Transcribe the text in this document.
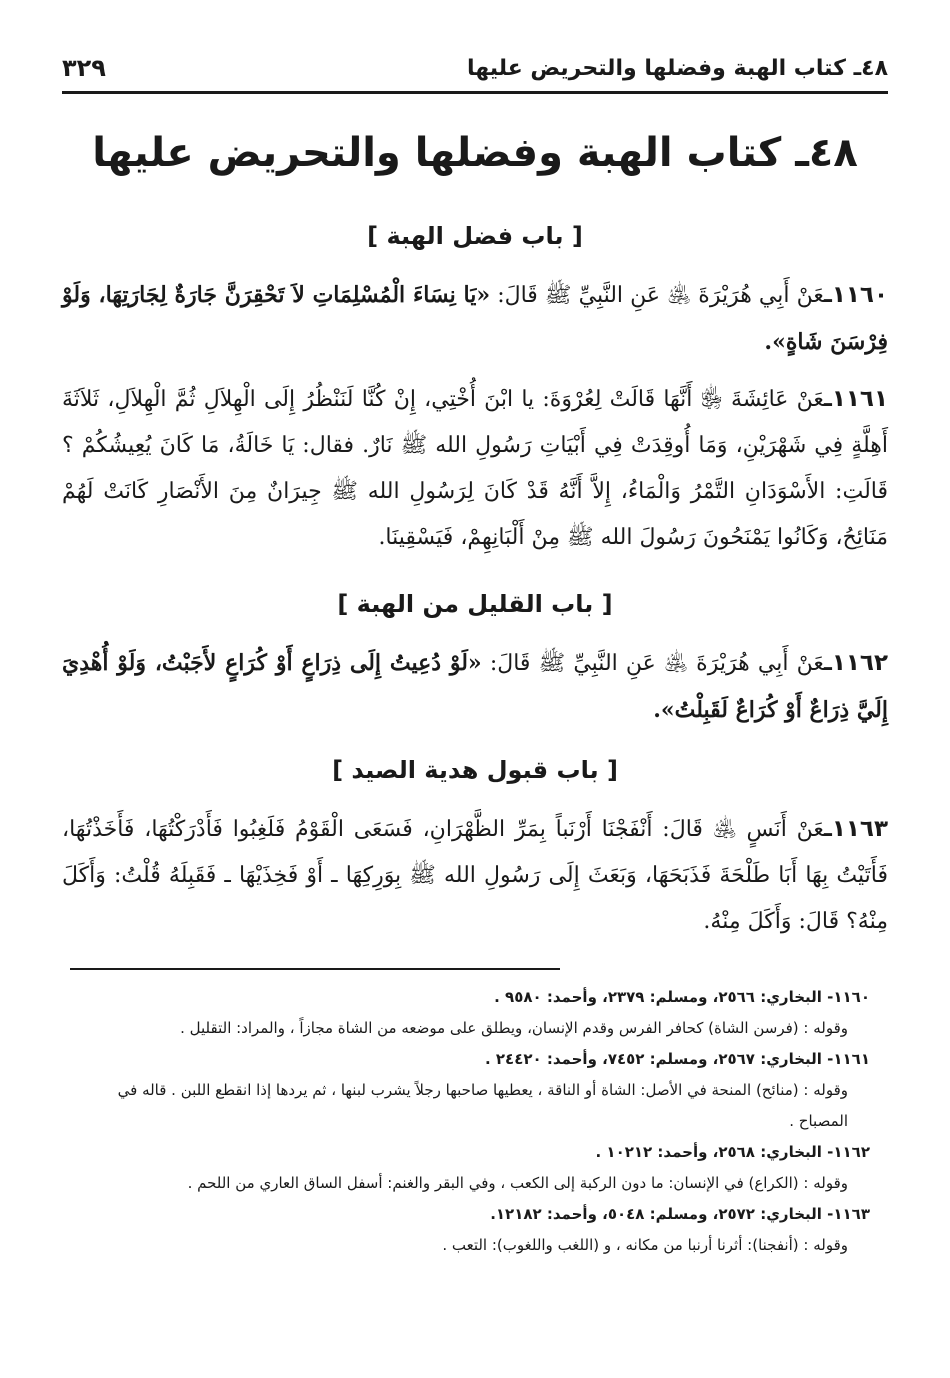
٤٨ـ كتاب الهبة وفضلها والتحريض عليها
٣٢٩
٤٨ـ كتاب الهبة وفضلها والتحريض عليها
[ باب فضل الهبة ]
١١٦٠ـعَنْ أَبِي هُرَيْرَةَ ﵁ عَنِ النَّبِيِّ ﷺ قَالَ: «يَا نِسَاءَ الْمُسْلِمَاتِ لاَ تَحْقِرَنَّ جَارَةٌ لِجَارَتِهَا، وَلَوْ فِرْسَنَ شَاةٍ».
١١٦١ـعَنْ عَائِشَةَ ﵂ أَنَّهَا قَالَتْ لِعُرْوَةَ: يا ابْنَ أُخْتِي، إِنْ كُنَّا لَنَنْظُرُ إِلَى الْهِلاَلِ ثُمَّ الْهِلاَلِ، ثَلاَثَةَ أَهِلَّةٍ فِي شَهْرَيْنِ، وَمَا أُوقِدَتْ فِي أَبْيَاتِ رَسُولِ الله ﷺ نَارٌ. فقال: يَا خَالَةُ، مَا كَانَ يُعِيشُكُمْ ؟ قَالَتِ: الأَسْوَدَانِ التَّمْرُ وَالْمَاءُ، إِلاَّ أَنَّهُ قَدْ كَانَ لِرَسُولِ الله ﷺ جِيرَانٌ مِنَ الأَنْصَارِ كَانَتْ لَهُمْ مَنَائِحُ، وَكَانُوا يَمْنَحُونَ رَسُولَ الله ﷺ مِنْ أَلْبَانِهِمْ، فَيَسْقِينَا.
[ باب القليل من الهبة ]
١١٦٢ـعَنْ أَبِي هُرَيْرَةَ ﵁ عَنِ النَّبِيِّ ﷺ قَالَ: «لَوْ دُعِيتُ إِلَى ذِرَاعٍ أَوْ كُرَاعٍ لأَجَبْتُ، وَلَوْ أُهْدِيَ إِلَيَّ ذِرَاعٌ أَوْ كُرَاعٌ لَقَبِلْتُ».
[ باب قبول هدية الصيد ]
١١٦٣ـعَنْ أَنَسٍ ﵁ قَالَ: أَنْفَجْنَا أَرْنَباً بِمَرِّ الظَّهْرَانِ، فَسَعَى الْقَوْمُ فَلَغِبُوا فَأَدْرَكْتُهَا، فَأَخَذْتُهَا، فَأَتَيْتُ بِهَا أَبَا طَلْحَةَ فَذَبَحَهَا، وَبَعَثَ إِلَى رَسُولِ الله ﷺ بِوَرِكِهَا ـ أَوْ فَخِذَيْهَا ـ فَقَبِلَهُ قُلْتُ: وَأَكَلَ مِنْهُ؟ قَالَ: وَأَكَلَ مِنْهُ.
١١٦٠- البخاري: ٢٥٦٦، ومسلم: ٢٣٧٩، وأحمد: ٩٥٨٠ .
وقوله : (فرسن الشاة) كحافر الفرس وقدم الإنسان، ويطلق على موضعه من الشاة مجازاً ، والمراد: التقليل .
١١٦١- البخاري: ٢٥٦٧، ومسلم: ٧٤٥٢، وأحمد: ٢٤٤٢٠ .
وقوله : (منائح) المنحة في الأصل: الشاة أو الناقة ، يعطيها صاحبها رجلاً يشرب لبنها ، ثم يردها إذا انقطع اللبن . قاله في المصباح .
١١٦٢- البخاري: ٢٥٦٨، وأحمد: ١٠٢١٢ .
وقوله : (الكراع) في الإنسان: ما دون الركبة إلى الكعب ، وفي البقر والغنم: أسفل الساق العاري من اللحم .
١١٦٣- البخاري: ٢٥٧٢، ومسلم: ٥٠٤٨، وأحمد: ١٢١٨٢.
وقوله : (أنفجنا): أثرنا أرنبا من مكانه ، و (اللغب واللغوب): التعب .
